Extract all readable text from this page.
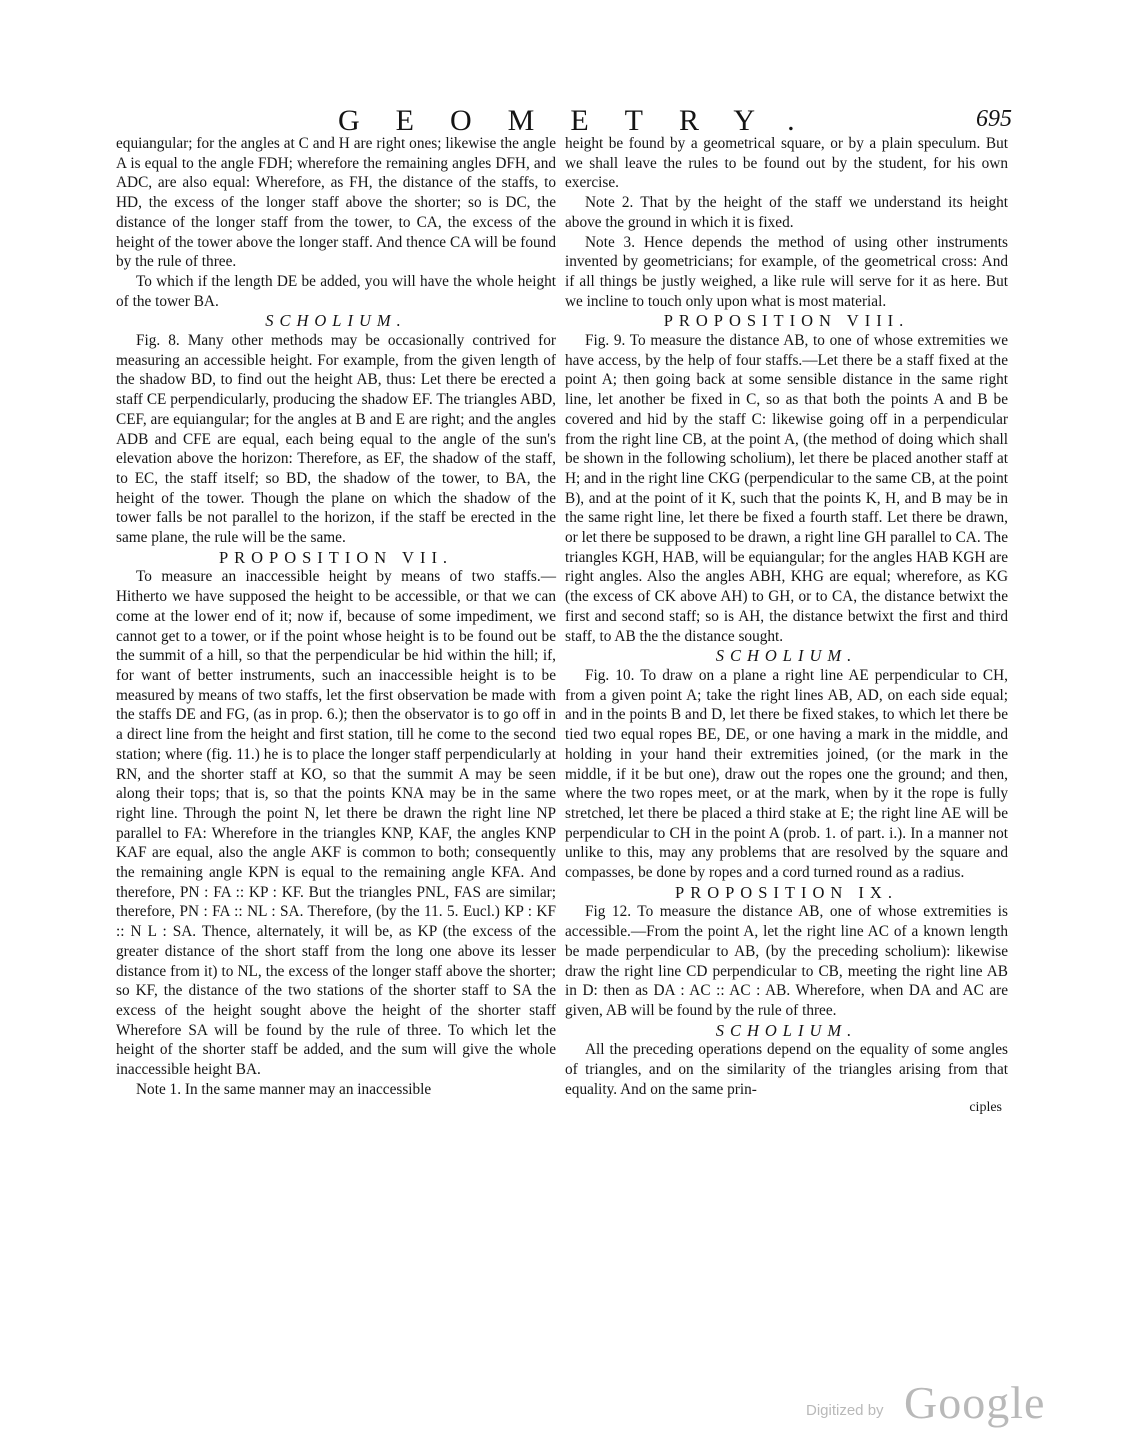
GEOMETRY.	695

equiangular; for the angles at C and H are right ones; likewise the angle A is equal to the angle FDH; wherefore the remaining angles DFH, and ADC, are also equal: Wherefore, as FH, the distance of the staffs, to HD, the excess of the longer staff above the shorter; so is DC, the distance of the longer staff from the tower, to CA, the excess of the height of the tower above the longer staff. And thence CA will be found by the rule of three.

To which if the length DE be added, you will have the whole height of the tower BA.

SCHOLIUM.

Fig. 8. Many other methods may be occasionally contrived for measuring an accessible height. For example, from the given length of the shadow BD, to find out the height AB, thus: Let there be erected a staff CE perpendicularly, producing the shadow EF. The triangles ABD, CEF, are equiangular; for the angles at B and E are right; and the angles ADB and CFE are equal, each being equal to the angle of the sun's elevation above the horizon: Therefore, as EF, the shadow of the staff, to EC, the staff itself; so BD, the shadow of the tower, to BA, the height of the tower. Though the plane on which the shadow of the tower falls be not parallel to the horizon, if the staff be erected in the same plane, the rule will be the same.

PROPOSITION VII.

To measure an inaccessible height by means of two staffs.—Hitherto we have supposed the height to be accessible, or that we can come at the lower end of it; now if, because of some impediment, we cannot get to a tower, or if the point whose height is to be found out be the summit of a hill, so that the perpendicular be hid within the hill; if, for want of better instruments, such an inaccessible height is to be measured by means of two staffs, let the first observation be made with the staffs DE and FG, (as in prop. 6.); then the observator is to go off in a direct line from the height and first station, till he come to the second station; where (fig. 11.) he is to place the longer staff perpendicularly at RN, and the shorter staff at KO, so that the summit A may be seen along their tops; that is, so that the points KNA may be in the same right line. Through the point N, let there be drawn the right line NP parallel to FA: Wherefore in the triangles KNP, KAF, the angles KNP KAF are equal, also the angle AKF is common to both; consequently the remaining angle KPN is equal to the remaining angle KFA. And therefore, PN : FA :: KP : KF. But the triangles PNL, FAS are similar; therefore, PN : FA :: NL : SA. Therefore, (by the 11. 5. Eucl.) KP : KF :: N L : SA. Thence, alternately, it will be, as KP (the excess of the greater distance of the short staff from the long one above its lesser distance from it) to NL, the excess of the longer staff above the shorter; so KF, the distance of the two stations of the shorter staff to SA the excess of the height sought above the height of the shorter staff Wherefore SA will be found by the rule of three. To which let the height of the shorter staff be added, and the sum will give the whole inaccessible height BA.

Note 1. In the same manner may an inaccessible

height be found by a geometrical square, or by a plain speculum. But we shall leave the rules to be found out by the student, for his own exercise.

Note 2. That by the height of the staff we understand its height above the ground in which it is fixed.

Note 3. Hence depends the method of using other instruments invented by geometricians; for example, of the geometrical cross: And if all things be justly weighed, a like rule will serve for it as here. But we incline to touch only upon what is most material.

PROPOSITION VIII.

Fig. 9. To measure the distance AB, to one of whose extremities we have access, by the help of four staffs.—Let there be a staff fixed at the point A; then going back at some sensible distance in the same right line, let another be fixed in C, so as that both the points A and B be covered and hid by the staff C: likewise going off in a perpendicular from the right line CB, at the point A, (the method of doing which shall be shown in the following scholium), let there be placed another staff at H; and in the right line CKG (perpendicular to the same CB, at the point B), and at the point of it K, such that the points K, H, and B may be in the same right line, let there be fixed a fourth staff. Let there be drawn, or let there be supposed to be drawn, a right line GH parallel to CA. The triangles KGH, HAB, will be equiangular; for the angles HAB KGH are right angles. Also the angles ABH, KHG are equal; wherefore, as KG (the excess of CK above AH) to GH, or to CA, the distance betwixt the first and second staff; so is AH, the distance betwixt the first and third staff, to AB the the distance sought.

SCHOLIUM.

Fig. 10. To draw on a plane a right line AE perpendicular to CH, from a given point A; take the right lines AB, AD, on each side equal; and in the points B and D, let there be fixed stakes, to which let there be tied two equal ropes BE, DE, or one having a mark in the middle, and holding in your hand their extremities joined, (or the mark in the middle, if it be but one), draw out the ropes one the ground; and then, where the two ropes meet, or at the mark, when by it the rope is fully stretched, let there be placed a third stake at E; the right line AE will be perpendicular to CH in the point A (prob. 1. of part. i.). In a manner not unlike to this, may any problems that are resolved by the square and compasses, be done by ropes and a cord turned round as a radius.

PROPOSITION IX.

Fig 12. To measure the distance AB, one of whose extremities is accessible.—From the point A, let the right line AC of a known length be made perpendicular to AB, (by the preceding scholium): likewise draw the right line CD perpendicular to CB, meeting the right line AB in D: then as DA : AC :: AC : AB. Wherefore, when DA and AC are given, AB will be found by the rule of three.

SCHOLIUM.

All the preceding operations depend on the equality of some angles of triangles, and on the similarity of the triangles arising from that equality. And on the same prin-

ciples
Digitized by Google
